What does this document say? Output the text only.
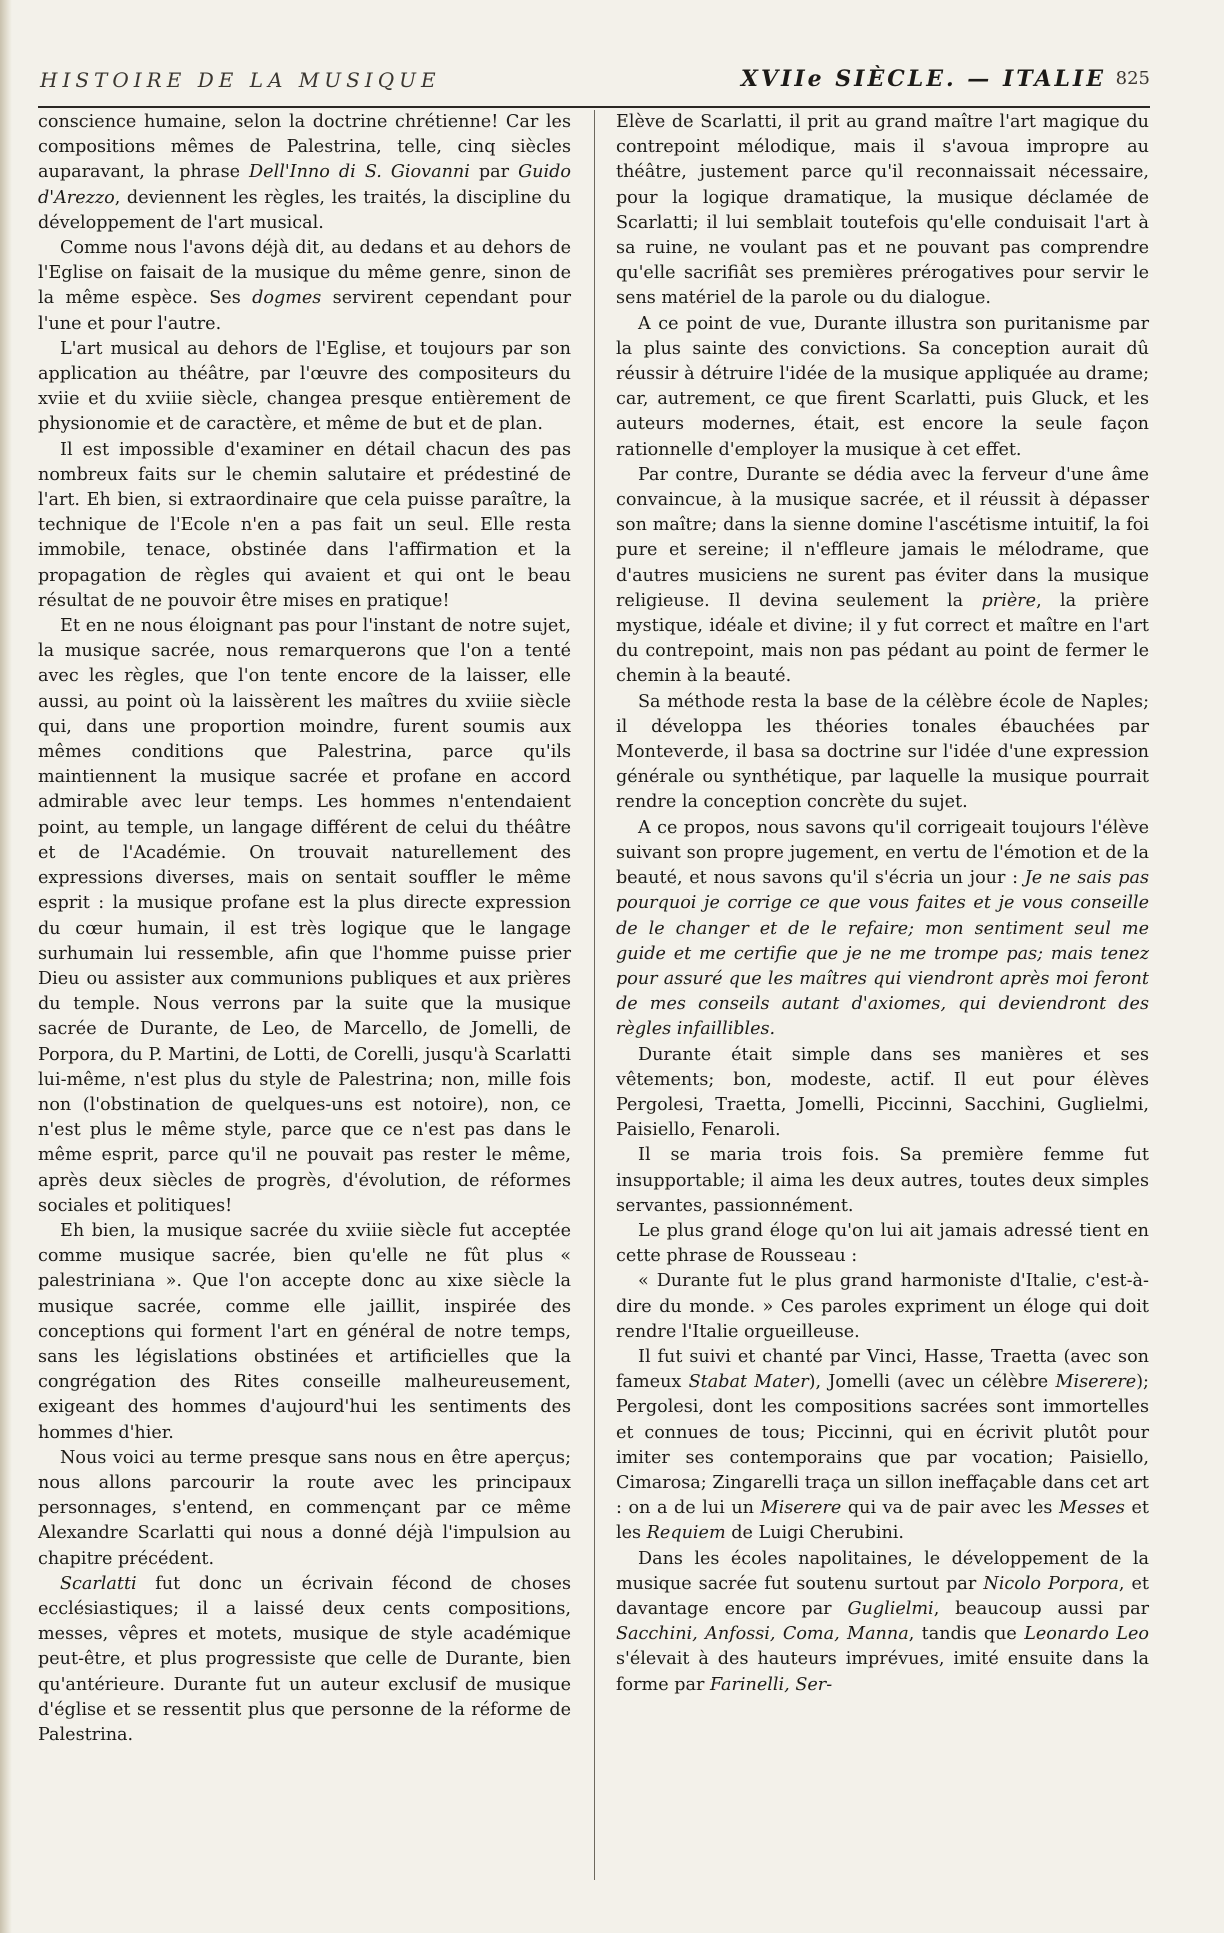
HISTOIRE DE LA MUSIQUE	XVIIe SIÈCLE. — ITALIE 825

conscience humaine, selon la doctrine chrétienne! Car les compositions mêmes de Palestrina, telle, cinq siècles auparavant, la phrase Dell'Inno di S. Giovanni par Guido d'Arezzo, deviennent les règles, les traités, la discipline du développement de l'art musical.

Comme nous l'avons déjà dit, au dedans et au dehors de l'Eglise on faisait de la musique du même genre, sinon de la même espèce. Ses dogmes servirent cependant pour l'une et pour l'autre.

L'art musical au dehors de l'Eglise, et toujours par son application au théâtre, par l'œuvre des compositeurs du xviie et du xviiie siècle, changea presque entièrement de physionomie et de caractère, et même de but et de plan.

Il est impossible d'examiner en détail chacun des pas nombreux faits sur le chemin salutaire et prédestiné de l'art. Eh bien, si extraordinaire que cela puisse paraître, la technique de l'Ecole n'en a pas fait un seul. Elle resta immobile, tenace, obstinée dans l'affirmation et la propagation de règles qui avaient et qui ont le beau résultat de ne pouvoir être mises en pratique!

Et en ne nous éloignant pas pour l'instant de notre sujet, la musique sacrée, nous remarquerons que l'on a tenté avec les règles, que l'on tente encore de la laisser, elle aussi, au point où la laissèrent les maîtres du xviiie siècle qui, dans une proportion moindre, furent soumis aux mêmes conditions que Palestrina, parce qu'ils maintiennent la musique sacrée et profane en accord admirable avec leur temps. Les hommes n'entendaient point, au temple, un langage différent de celui du théâtre et de l'Académie. On trouvait naturellement des expressions diverses, mais on sentait souffler le même esprit : la musique profane est la plus directe expression du cœur humain, il est très logique que le langage surhumain lui ressemble, afin que l'homme puisse prier Dieu ou assister aux communions publiques et aux prières du temple. Nous verrons par la suite que la musique sacrée de Durante, de Leo, de Marcello, de Jomelli, de Porpora, du P. Martini, de Lotti, de Corelli, jusqu'à Scarlatti lui-même, n'est plus du style de Palestrina; non, mille fois non (l'obstination de quelques-uns est notoire), non, ce n'est plus le même style, parce que ce n'est pas dans le même esprit, parce qu'il ne pouvait pas rester le même, après deux siècles de progrès, d'évolution, de réformes sociales et politiques!

Eh bien, la musique sacrée du xviiie siècle fut acceptée comme musique sacrée, bien qu'elle ne fût plus « palestriniana ». Que l'on accepte donc au xixe siècle la musique sacrée, comme elle jaillit, inspirée des conceptions qui forment l'art en général de notre temps, sans les législations obstinées et artificielles que la congrégation des Rites conseille malheureusement, exigeant des hommes d'aujourd'hui les sentiments des hommes d'hier.

Nous voici au terme presque sans nous en être aperçus; nous allons parcourir la route avec les principaux personnages, s'entend, en commençant par ce même Alexandre Scarlatti qui nous a donné déjà l'impulsion au chapitre précédent.

Scarlatti fut donc un écrivain fécond de choses ecclésiastiques; il a laissé deux cents compositions, messes, vêpres et motets, musique de style académique peut-être, et plus progressiste que celle de Durante, bien qu'antérieure. Durante fut un auteur exclusif de musique d'église et se ressentit plus que personne de la réforme de Palestrina.

Elève de Scarlatti, il prit au grand maître l'art magique du contrepoint mélodique, mais il s'avoua impropre au théâtre, justement parce qu'il reconnaissait nécessaire, pour la logique dramatique, la musique déclamée de Scarlatti; il lui semblait toutefois qu'elle conduisait l'art à sa ruine, ne voulant pas et ne pouvant pas comprendre qu'elle sacrifiât ses premières prérogatives pour servir le sens matériel de la parole ou du dialogue.

A ce point de vue, Durante illustra son puritanisme par la plus sainte des convictions. Sa conception aurait dû réussir à détruire l'idée de la musique appliquée au drame; car, autrement, ce que firent Scarlatti, puis Gluck, et les auteurs modernes, était, est encore la seule façon rationnelle d'employer la musique à cet effet.

Par contre, Durante se dédia avec la ferveur d'une âme convaincue, à la musique sacrée, et il réussit à dépasser son maître; dans la sienne domine l'ascétisme intuitif, la foi pure et sereine; il n'effleure jamais le mélodrame, que d'autres musiciens ne surent pas éviter dans la musique religieuse. Il devina seulement la prière, la prière mystique, idéale et divine; il y fut correct et maître en l'art du contrepoint, mais non pas pédant au point de fermer le chemin à la beauté.

Sa méthode resta la base de la célèbre école de Naples; il développa les théories tonales ébauchées par Monteverde, il basa sa doctrine sur l'idée d'une expression générale ou synthétique, par laquelle la musique pourrait rendre la conception concrète du sujet.

A ce propos, nous savons qu'il corrigeait toujours l'élève suivant son propre jugement, en vertu de l'émotion et de la beauté, et nous savons qu'il s'écria un jour : Je ne sais pas pourquoi je corrige ce que vous faites et je vous conseille de le changer et de le refaire; mon sentiment seul me guide et me certifie que je ne me trompe pas; mais tenez pour assuré que les maîtres qui viendront après moi feront de mes conseils autant d'axiomes, qui deviendront des règles infaillibles.

Durante était simple dans ses manières et ses vêtements; bon, modeste, actif. Il eut pour élèves Pergolesi, Traetta, Jomelli, Piccinni, Sacchini, Guglielmi, Paisiello, Fenaroli.

Il se maria trois fois. Sa première femme fut insupportable; il aima les deux autres, toutes deux simples servantes, passionnément.

Le plus grand éloge qu'on lui ait jamais adressé tient en cette phrase de Rousseau :

« Durante fut le plus grand harmoniste d'Italie, c'est-à-dire du monde. » Ces paroles expriment un éloge qui doit rendre l'Italie orgueilleuse.

Il fut suivi et chanté par Vinci, Hasse, Traetta (avec son fameux Stabat Mater), Jomelli (avec un célèbre Miserere); Pergolesi, dont les compositions sacrées sont immortelles et connues de tous; Piccinni, qui en écrivit plutôt pour imiter ses contemporains que par vocation; Paisiello, Cimarosa; Zingarelli traça un sillon ineffaçable dans cet art : on a de lui un Miserere qui va de pair avec les Messes et les Requiem de Luigi Cherubini.

Dans les écoles napolitaines, le développement de la musique sacrée fut soutenu surtout par Nicolo Porpora, et davantage encore par Guglielmi, beaucoup aussi par Sacchini, Anfossi, Coma, Manna, tandis que Leonardo Leo s'élevait à des hauteurs imprévues, imité ensuite dans la forme par Farinelli, Ser-
